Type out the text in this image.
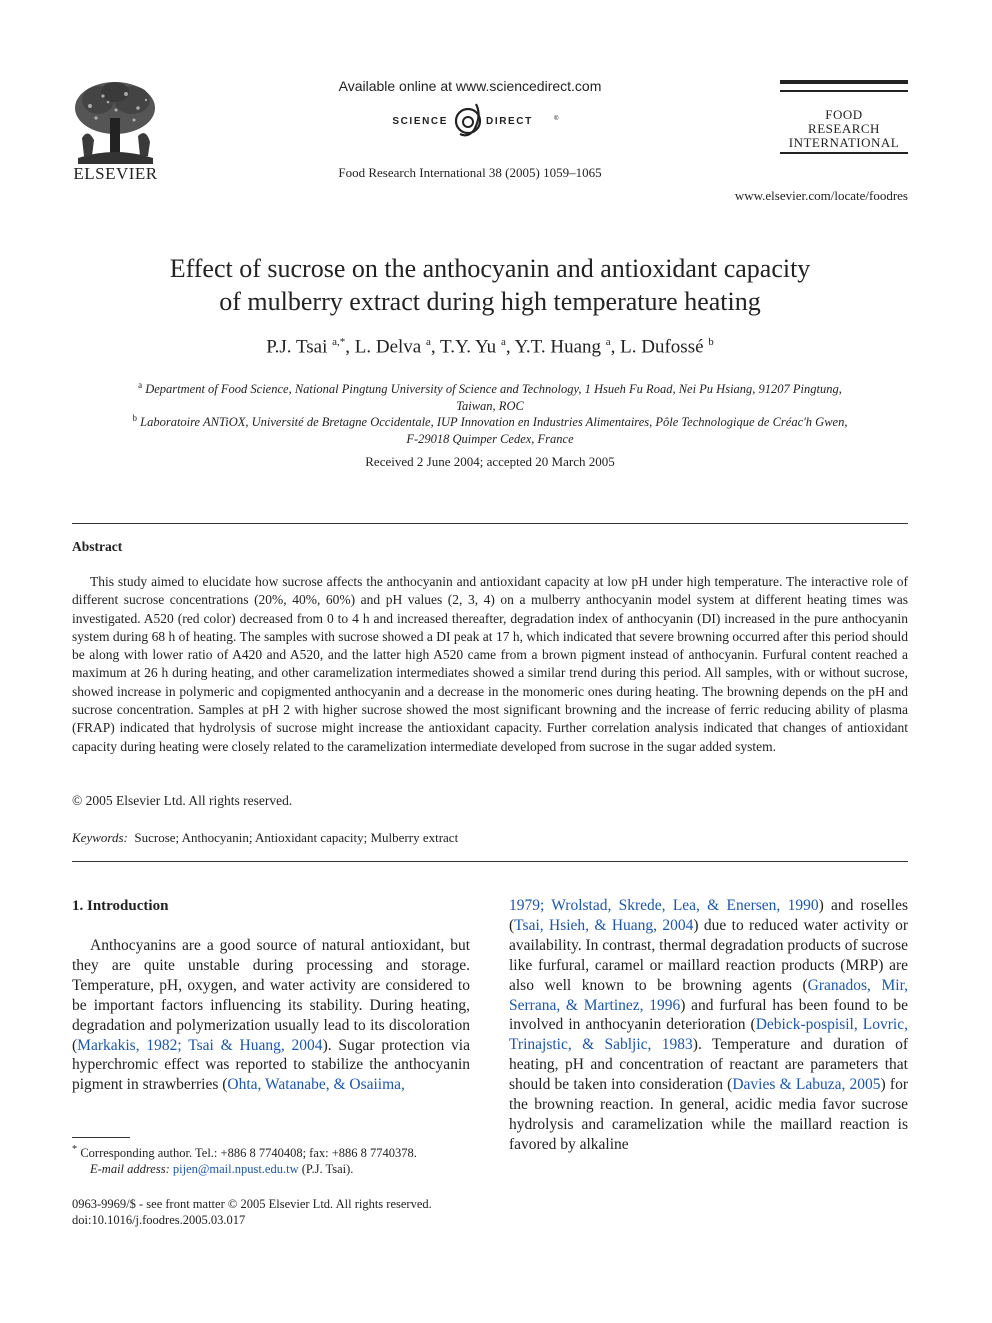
ELSEVIER
Available online at www.sciencedirect.com
SCIENCE	DIRECT	®
Food Research International 38 (2005) 1059–1065
FOOD
RESEARCH
INTERNATIONAL
www.elsevier.com/locate/foodres
Effect of sucrose on the anthocyanin and antioxidant capacity
of mulberry extract during high temperature heating
P.J. Tsai $^{a,*}$, L. Delva $^a$, T.Y. Yu $^a$, Y.T. Huang $^a$, L. Dufossé $^b$
$^a$ Department of Food Science, National Pingtung University of Science and Technology, 1 Hsueh Fu Road, Nei Pu Hsiang, 91207 Pingtung,
Taiwan, ROC
$^b$ Laboratoire ANTiOX, Université de Bretagne Occidentale, IUP Innovation en Industries Alimentaires, Pôle Technologique de Créac'h Gwen,
F-29018 Quimper Cedex, France
Received 2 June 2004; accepted 20 March 2005
Abstract
This study aimed to elucidate how sucrose affects the anthocyanin and antioxidant capacity at low pH under high temperature. The interactive role of different sucrose concentrations (20%, 40%, 60%) and pH values (2, 3, 4) on a mulberry anthocyanin model system at different heating times was investigated. A520 (red color) decreased from 0 to 4 h and increased thereafter, degradation index of anthocyanin (DI) increased in the pure anthocyanin system during 68 h of heating. The samples with sucrose showed a DI peak at 17 h, which indicated that severe browning occurred after this period should be along with lower ratio of A420 and A520, and the latter high A520 came from a brown pigment instead of anthocyanin. Furfural content reached a maximum at 26 h during heating, and other caramelization intermediates showed a similar trend during this period. All samples, with or without sucrose, showed increase in polymeric and copigmented anthocyanin and a decrease in the monomeric ones during heating. The browning depends on the pH and sucrose concentration. Samples at pH 2 with higher sucrose showed the most significant browning and the increase of ferric reducing ability of plasma (FRAP) indicated that hydrolysis of sucrose might increase the antioxidant capacity. Further correlation analysis indicated that changes of antioxidant capacity during heating were closely related to the caramelization intermediate developed from sucrose in the sugar added system.
© 2005 Elsevier Ltd. All rights reserved.
Keywords: Sucrose; Anthocyanin; Antioxidant capacity; Mulberry extract
1. Introduction
Anthocyanins are a good source of natural antioxidant, but they are quite unstable during processing and storage. Temperature, pH, oxygen, and water activity are considered to be important factors influencing its stability. During heating, degradation and polymerization usually lead to its discoloration (Markakis, 1982; Tsai & Huang, 2004). Sugar protection via hyperchromic effect was reported to stabilize the anthocyanin pigment in strawberries (Ohta, Watanabe, & Osaiima,
1979; Wrolstad, Skrede, Lea, & Enersen, 1990) and roselles (Tsai, Hsieh, & Huang, 2004) due to reduced water activity or availability. In contrast, thermal degradation products of sucrose like furfural, caramel or maillard reaction products (MRP) are also well known to be browning agents (Granados, Mir, Serrana, & Martinez, 1996) and furfural has been found to be involved in anthocyanin deterioration (Debick-pospisil, Lovric, Trinajstic, & Sabljic, 1983). Temperature and duration of heating, pH and concentration of reactant are parameters that should be taken into consideration (Davies & Labuza, 2005) for the browning reaction. In general, acidic media favor sucrose hydrolysis and caramelization while the maillard reaction is favored by alkaline
* Corresponding author. Tel.: +886 8 7740408; fax: +886 8 7740378.
E-mail address: pijen@mail.npust.edu.tw (P.J. Tsai).
0963-9969/$ - see front matter © 2005 Elsevier Ltd. All rights reserved.
doi:10.1016/j.foodres.2005.03.017
